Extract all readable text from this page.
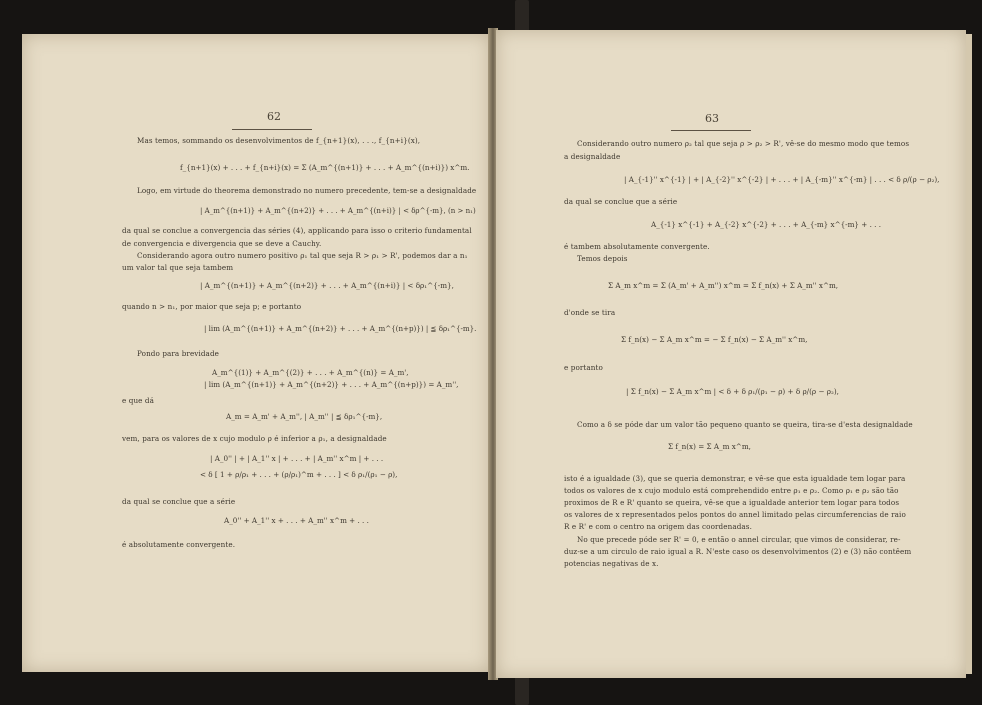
62
Mas temos, sommando os desenvolvimentos de f_{n+1}(x), . . ., f_{n+i}(x),
f_{n+1}(x) + . . . + f_{n+i}(x) = Σ (A_m^{(n+1)} + . . . + A_m^{(n+i)}) x^m.
Logo, em virtude do theorema demonstrado no numero precedente, tem-se a designaldade
| A_m^{(n+1)} + A_m^{(n+2)} + . . . + A_m^{(n+i)} | < δρ^{-m}, (n > n₁)
da qual se conclue a convergencia das séries (4), applicando para isso o criterio fundamental
de convergencia e divergencia que se deve a Cauchy.
Considerando agora outro numero positivo ρ₁ tal que seja R > ρ₁ > R', podemos dar a n₁
um valor tal que seja tambem
| A_m^{(n+1)} + A_m^{(n+2)} + . . . + A_m^{(n+i)} | < δρ₁^{-m},
quando n > n₁, por maior que seja p; e portanto
| lim (A_m^{(n+1)} + A_m^{(n+2)} + . . . + A_m^{(n+p)}) | ≦ δρ₁^{-m}.
Pondo para brevidade
A_m^{(1)} + A_m^{(2)} + . . . + A_m^{(n)} = A_m',
| lim (A_m^{(n+1)} + A_m^{(n+2)} + . . . + A_m^{(n+p)}) = A_m'',
e que dá
A_m = A_m' + A_m'', | A_m'' | ≦ δρ₁^{-m},
vem, para os valores de x cujo modulo ρ é inferior a ρ₁, a designaldade
| A_0'' | + | A_1'' x | + . . . + | A_m'' x^m | + . . .
< δ [ 1 + ρ/ρ₁ + . . . + (ρ/ρ₁)^m + . . . ] < δ ρ₁/(ρ₁ − ρ),
da qual se conclue que a série
A_0'' + A_1'' x + . . . + A_m'' x^m + . . .
é absolutamente convergente.
63
Considerando outro numero ρ₂ tal que seja ρ > ρ₂ > R', vê-se do mesmo modo que temos
a designaldade
| A_{-1}'' x^{-1} | + | A_{-2}'' x^{-2} | + . . . + | A_{-m}'' x^{-m} | . . . < δ ρ/(ρ − ρ₂),
da qual se conclue que a série
A_{-1} x^{-1} + A_{-2} x^{-2} + . . . + A_{-m} x^{-m} + . . .
é tambem absolutamente convergente.
Temos depois
Σ A_m x^m = Σ (A_m' + A_m'') x^m = Σ f_n(x) + Σ A_m'' x^m,
d'onde se tira
Σ f_n(x) − Σ A_m x^m = − Σ f_n(x) − Σ A_m'' x^m,
e portanto
| Σ f_n(x) − Σ A_m x^m | < δ + δ ρ₁/(ρ₁ − ρ) + δ ρ/(ρ − ρ₂),
Como a δ se póde dar um valor tão pequeno quanto se queira, tira-se d'esta designaldade
Σ f_n(x) = Σ A_m x^m,
isto é a igualdade (3), que se queria demonstrar, e vê-se que esta igualdade tem logar para
todos os valores de x cujo modulo está comprehendido entre ρ₁ e ρ₂. Como ρ₁ e ρ₂ são tão
proximos de R e R' quanto se queira, vê-se que a igualdade anterior tem logar para todos
os valores de x representados pelos pontos do annel limitado pelas circumferencias de raio
R e R' e com o centro na origem das coordenadas.
No que precede póde ser R' = 0, e então o annel circular, que vimos de considerar, re-
duz-se a um circulo de raio igual a R. N'este caso os desenvolvimentos (2) e (3) não contêem
potencias negativas de x.
